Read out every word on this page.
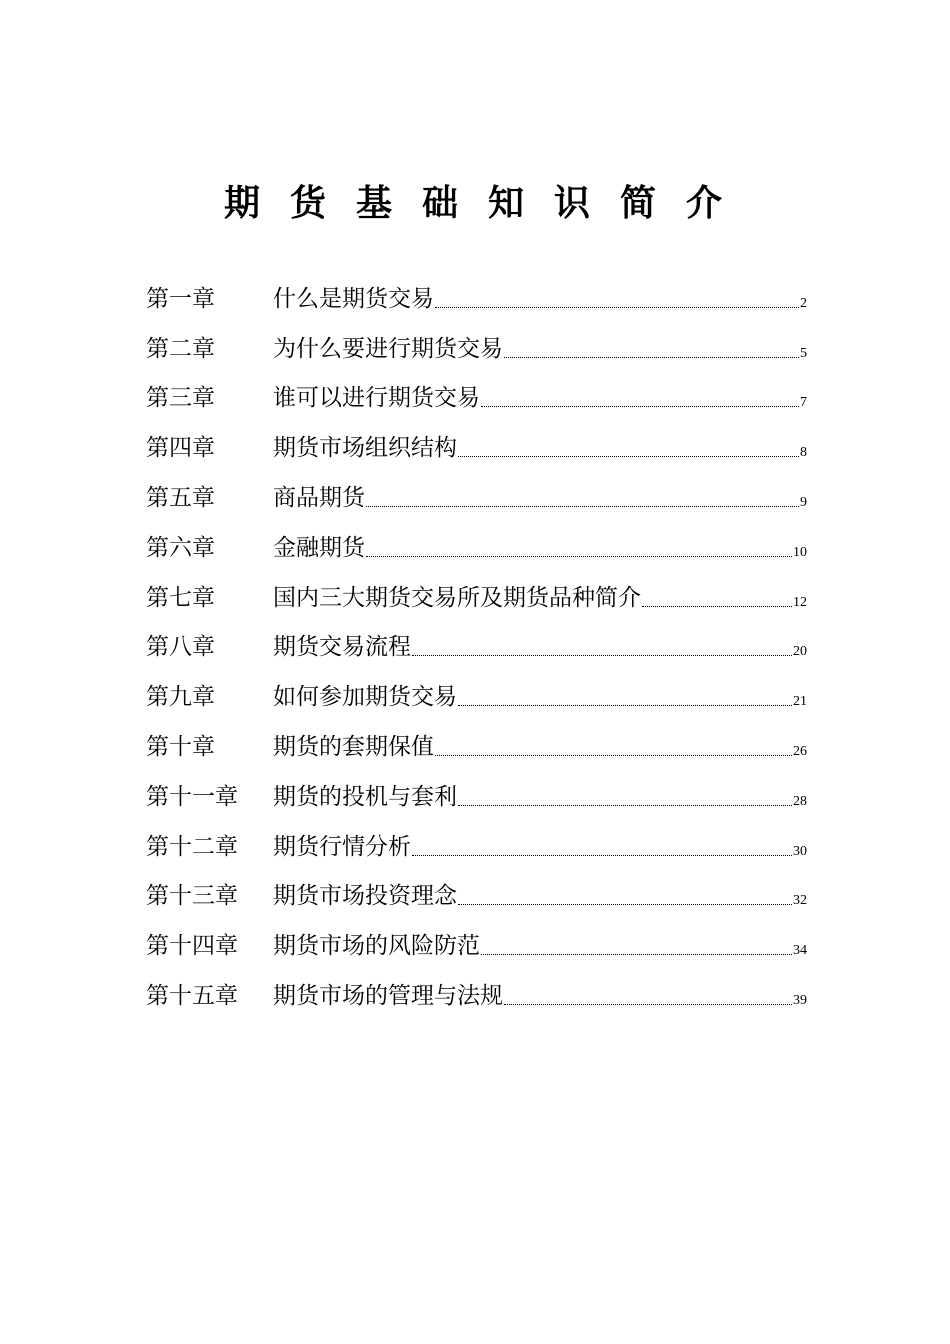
期货基础知识简介
第一章	什么是期货交易	2
第二章	为什么要进行期货交易	5
第三章	谁可以进行期货交易	7
第四章	期货市场组织结构	8
第五章	商品期货	9
第六章	金融期货	10
第七章	国内三大期货交易所及期货品种简介	12
第八章	期货交易流程	20
第九章	如何参加期货交易	21
第十章	期货的套期保值	26
第十一章	期货的投机与套利	28
第十二章	期货行情分析	30
第十三章	期货市场投资理念	32
第十四章	期货市场的风险防范	34
第十五章	期货市场的管理与法规	39
